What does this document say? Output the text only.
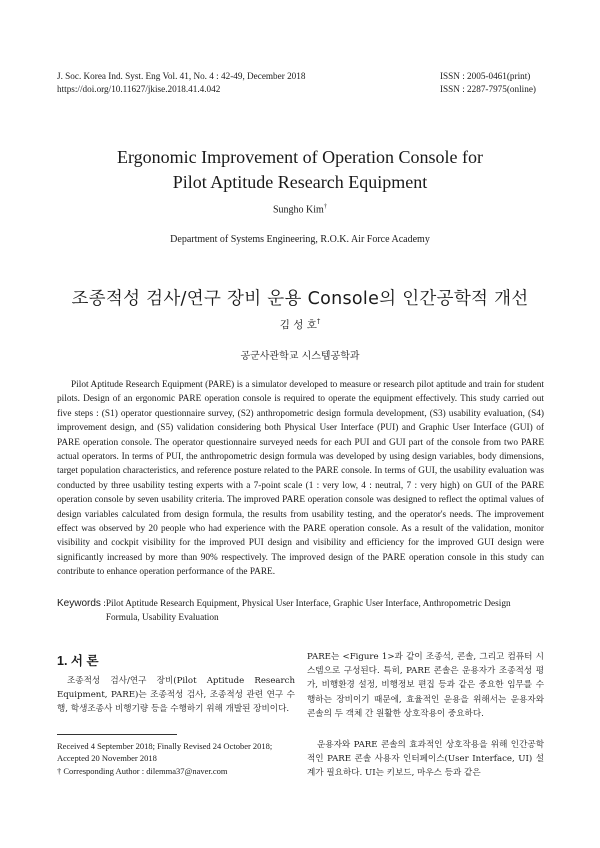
J. Soc. Korea Ind. Syst. Eng Vol. 41, No. 4 : 42-49, December 2018
https://doi.org/10.11627/jkise.2018.41.4.042
ISSN : 2005-0461(print)
ISSN : 2287-7975(online)
Ergonomic Improvement of Operation Console for
Pilot Aptitude Research Equipment
Sungho Kim†
Department of Systems Engineering, R.O.K. Air Force Academy
조종적성 검사/연구 장비 운용 Console의 인간공학적 개선
김 성 호†
공군사관학교 시스템공학과
Pilot Aptitude Research Equipment (PARE) is a simulator developed to measure or research pilot aptitude and train for student pilots. Design of an ergonomic PARE operation console is required to operate the equipment effectively. This study carried out five steps : (S1) operator questionnaire survey, (S2) anthropometric design formula development, (S3) usability evaluation, (S4) improvement design, and (S5) validation considering both Physical User Interface (PUI) and Graphic User Interface (GUI) of PARE operation console. The operator questionnaire surveyed needs for each PUI and GUI part of the console from two PARE actual operators. In terms of PUI, the anthropometric design formula was developed by using design variables, body dimensions, target population characteristics, and reference posture related to the PARE console. In terms of GUI, the usability evaluation was conducted by three usability testing experts with a 7-point scale (1 : very low, 4 : neutral, 7 : very high) on GUI of the PARE operation console by seven usability criteria. The improved PARE operation console was designed to reflect the optimal values of design variables calculated from design formula, the results from usability testing, and the operator's needs. The improvement effect was observed by 20 people who had experience with the PARE operation console. As a result of the validation, monitor visibility and cockpit visibility for the improved PUI design and visibility and efficiency for the improved GUI design were significantly increased by more than 90% respectively. The improved design of the PARE operation console in this study can contribute to enhance operation performance of the PARE.
Keywords : Pilot Aptitude Research Equipment, Physical User Interface, Graphic User Interface, Anthropometric Design Formula, Usability Evaluation
1. 서 론
조종적성 검사/연구 장비(Pilot Aptitude Research Equipment, PARE)는 조종적성 검사, 조종적성 관련 연구 수행, 학생조종사 비행기량 등을 수행하기 위해 개발된 장비이다.
Received 4 September 2018; Finally Revised 24 October 2018;
Accepted 20 November 2018
† Corresponding Author : dilemma37@naver.com
PARE는 <Figure 1>과 같이 조종석, 콘솔, 그리고 컴퓨터 시스템으로 구성된다. 특히, PARE 콘솔은 운용자가 조종적성 평가, 비행환경 설정, 비행정보 편집 등과 같은 중요한 임무를 수행하는 장비이기 때문에, 효율적인 운용을 위해서는 운용자와 콘솔의 두 객체 간 원활한 상호작용이 중요하다.
운용자와 PARE 콘솔의 효과적인 상호작용을 위해 인간공학적인 PARE 콘솔 사용자 인터페이스(User Interface, UI) 설계가 필요하다. UI는 키보드, 마우스 등과 같은
